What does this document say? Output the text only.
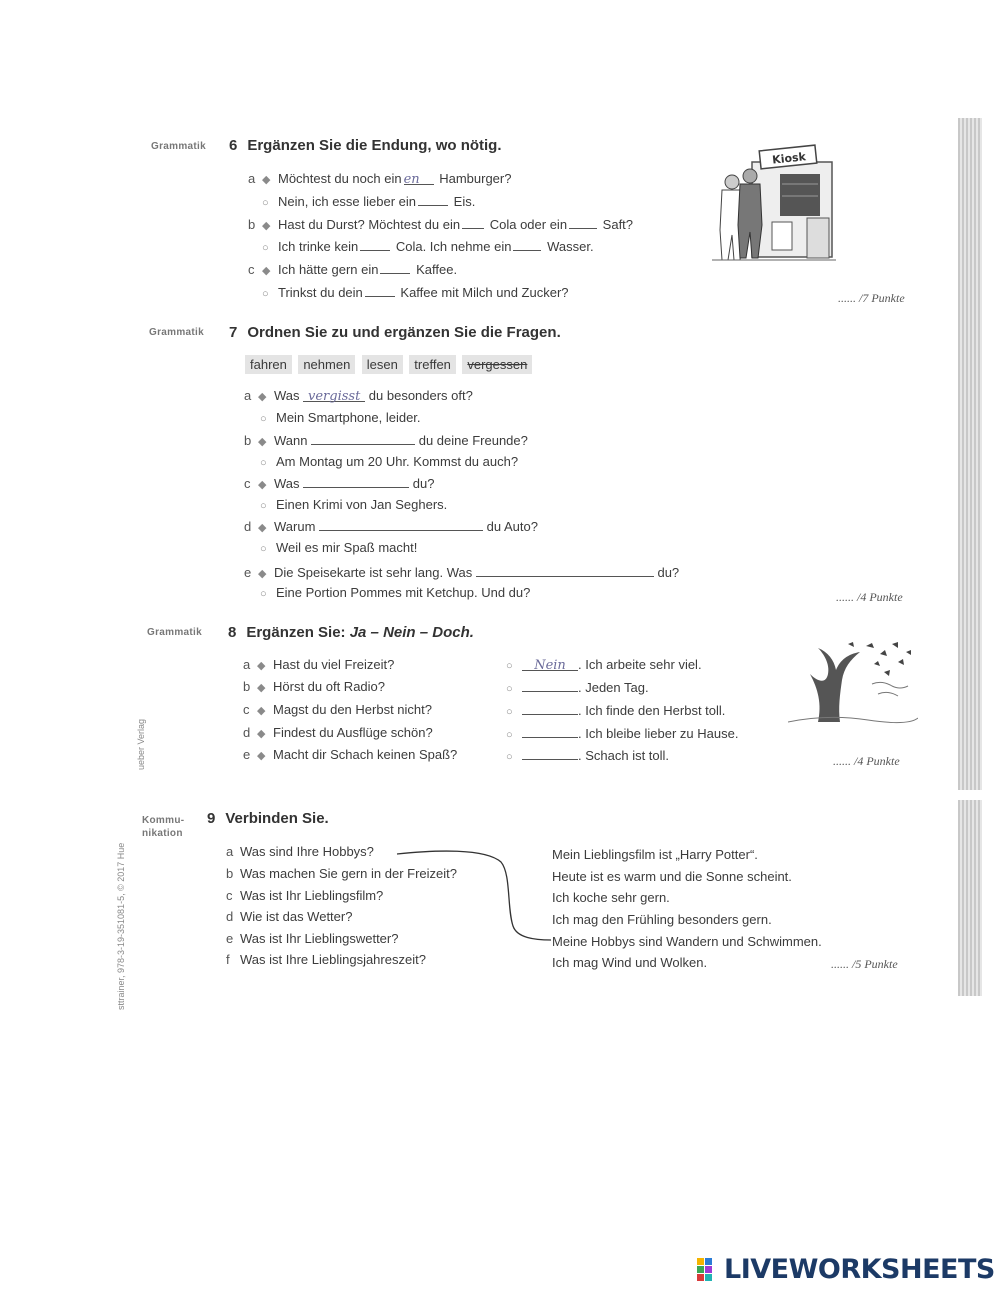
ueber Verlag
sttrainer, 978-3-19-351081-5, © 2017 Hue
Grammatik 6 Ergänzen Sie die Endung, wo nötig.
a ◆ Möchtest du noch ein en Hamburger?
○ Nein, ich esse lieber ein	Eis.
b ◆ Hast du Durst? Möchtest du ein Cola oder ein	Saft?
○ Ich trinke kein	Cola. Ich nehme ein	Wasser.
c ◆ Ich hätte gern ein	Kaffee.
○ Trinkst du dein	Kaffee mit Milch und Zucker?
Kiosk
...... /7 Punkte
Grammatik 7 Ordnen Sie zu und ergänzen Sie die Fragen.
fahren nehmen lesen treffen vergessen
a ◆ Was vergisst du besonders oft?
○ Mein Smartphone, leider.
b ◆ Wann	du deine Freunde?
○ Am Montag um 20 Uhr. Kommst du auch?
c ◆ Was	du?
○ Einen Krimi von Jan Seghers.
d ◆ Warum	du Auto?
○ Weil es mir Spaß macht!
e ◆ Die Speisekarte ist sehr lang. Was	du?
○ Eine Portion Pommes mit Ketchup. Und du?	...... /4 Punkte
Grammatik 8 Ergänzen Sie: Ja – Nein – Doch.
a ◆ Hast du viel Freizeit?	○ Nein . Ich arbeite sehr viel.
b ◆ Hörst du oft Radio?	○	. Jeden Tag.
c ◆ Magst du den Herbst nicht?	○	. Ich finde den Herbst toll.
d ◆ Findest du Ausflüge schön?	○	. Ich bleibe lieber zu Hause.
e ◆ Macht dir Schach keinen Spaß?	○	. Schach ist toll.	...... /4 Punkte
Kommu-
nikation
9 Verbinden Sie.
a Was sind Ihre Hobbys?
b Was machen Sie gern in der Freizeit?
c Was ist Ihr Lieblingsfilm?
d Wie ist das Wetter?
e Was ist Ihr Lieblingswetter?
f Was ist Ihre Lieblingsjahreszeit?
Mein Lieblingsfilm ist „Harry Potter“.
Heute ist es warm und die Sonne scheint.
Ich koche sehr gern.
Ich mag den Frühling besonders gern.
Meine Hobbys sind Wandern und Schwimmen.
Ich mag Wind und Wolken.	...... /5 Punkte
LIVEWORKSHEETS
